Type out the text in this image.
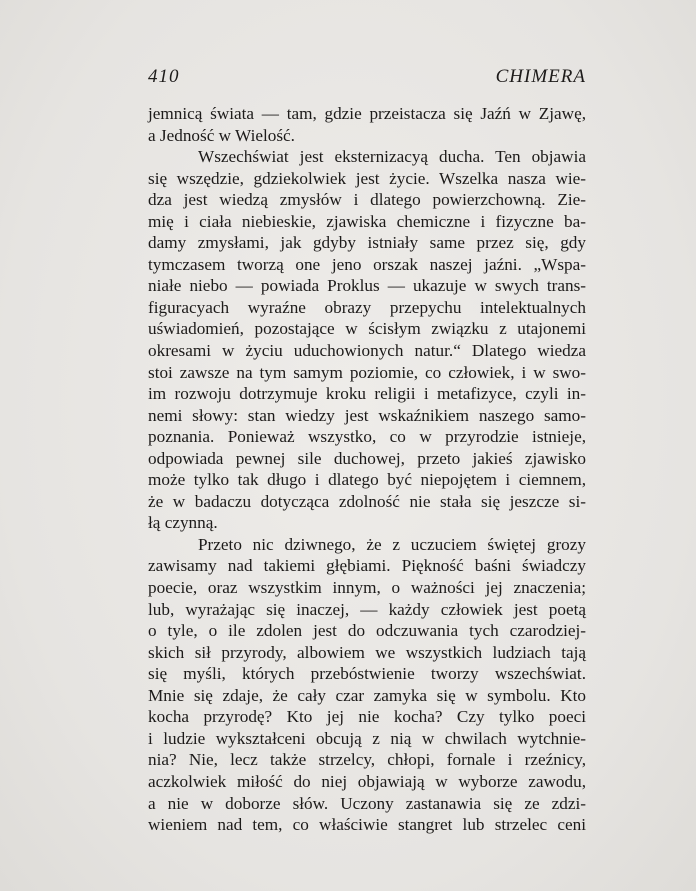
410	CHIMERA
jemnicą świata — tam, gdzie przeistacza się Jaźń w Zjawę,
a Jedność w Wielość.
Wszechświat jest eksternizacyą ducha. Ten objawia
się wszędzie, gdziekolwiek jest życie. Wszelka nasza wie-
dza jest wiedzą zmysłów i dlatego powierzchowną. Zie-
mię i ciała niebieskie, zjawiska chemiczne i fizyczne ba-
damy zmysłami, jak gdyby istniały same przez się, gdy
tymczasem tworzą one jeno orszak naszej jaźni. „Wspa-
niałe niebo — powiada Proklus — ukazuje w swych trans-
figuracyach wyraźne obrazy przepychu intelektualnych
uświadomień, pozostające w ścisłym związku z utajonemi
okresami w życiu uduchowionych natur.“ Dlatego wiedza
stoi zawsze na tym samym poziomie, co człowiek, i w swo-
im rozwoju dotrzymuje kroku religii i metafizyce, czyli in-
nemi słowy: stan wiedzy jest wskaźnikiem naszego samo-
poznania. Ponieważ wszystko, co w przyrodzie istnieje,
odpowiada pewnej sile duchowej, przeto jakieś zjawisko
może tylko tak długo i dlatego być niepojętem i ciemnem,
że w badaczu dotycząca zdolność nie stała się jeszcze si-
łą czynną.
Przeto nic dziwnego, że z uczuciem świętej grozy
zawisamy nad takiemi głębiami. Piękność baśni świadczy
poecie, oraz wszystkim innym, o ważności jej znaczenia;
lub, wyrażając się inaczej, — każdy człowiek jest poetą
o tyle, o ile zdolen jest do odczuwania tych czarodziej-
skich sił przyrody, albowiem we wszystkich ludziach tają
się myśli, których przebóstwienie tworzy wszechświat.
Mnie się zdaje, że cały czar zamyka się w symbolu. Kto
kocha przyrodę? Kto jej nie kocha? Czy tylko poeci
i ludzie wykształceni obcują z nią w chwilach wytchnie-
nia? Nie, lecz także strzelcy, chłopi, fornale i rzeźnicy,
aczkolwiek miłość do niej objawiają w wyborze zawodu,
a nie w doborze słów. Uczony zastanawia się ze zdzi-
wieniem nad tem, co właściwie stangret lub strzelec ceni
